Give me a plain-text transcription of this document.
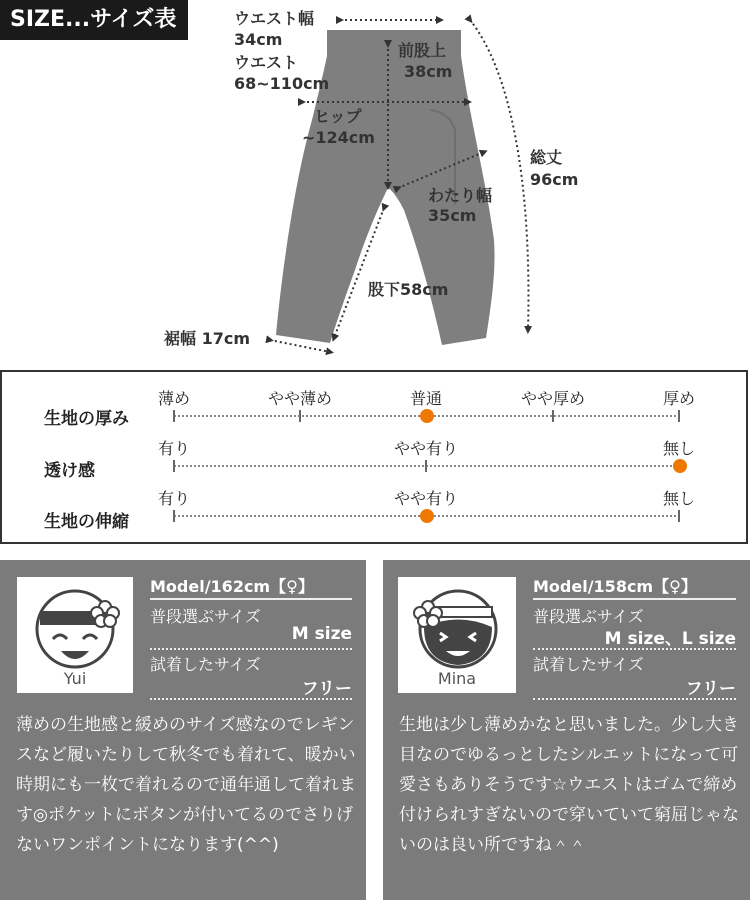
SIZE...サイズ表	ウエスト幅
34cm
ウエスト
68~110cm
前股上
38cm
ヒップ
~124cm
総丈
96cm
わたり幅
35cm
股下58cm
裾幅 17cm
生地の厚み
薄め	やや薄め	普通	やや厚め	厚め
透け感
有り	やや有り	無し
生地の伸縮
有り	やや有り	無し
Yui
Model/162cm【♀】
普段選ぶサイズ
M size
試着したサイズ
フリー
薄めの生地感と緩めのサイズ感なのでレギンスなど履いたりして秋冬でも着れて、暖かい時期にも一枚で着れるので通年通して着れます◎ポケットにボタンが付いてるのでさりげないワンポイントになります(^^)
Mina
Model/158cm【♀】
普段選ぶサイズ
M size、L size
試着したサイズ
フリー
生地は少し薄めかなと思いました。少し大き目なのでゆるっとしたシルエットになって可愛さもありそうです☆ウエストはゴムで締め付けられすぎないので穿いていて窮屈じゃないのは良い所ですね＾＾
